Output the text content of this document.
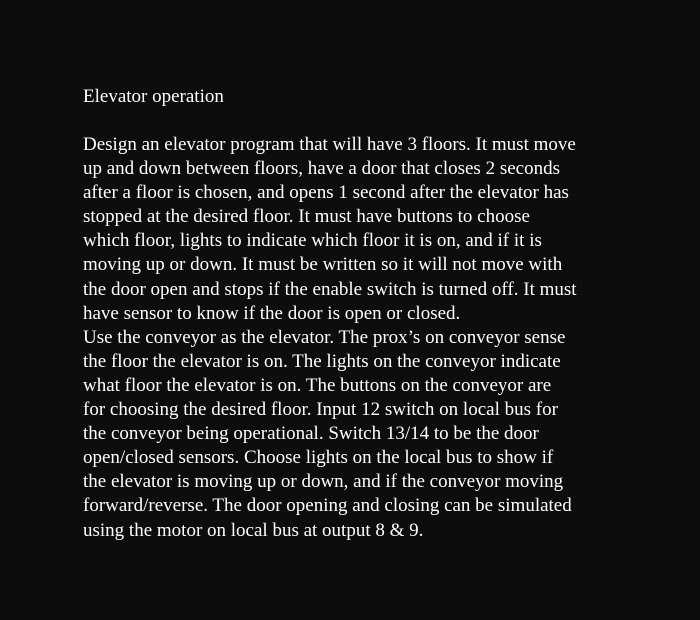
Elevator operation
Design an elevator program that will have 3 floors. It must move
up and down between floors, have a door that closes 2 seconds
after a floor is chosen, and opens 1 second after the elevator has
stopped at the desired floor. It must have buttons to choose
which floor, lights to indicate which floor it is on, and if it is
moving up or down. It must be written so it will not move with
the door open and stops if the enable switch is turned off. It must
have sensor to know if the door is open or closed.
Use the conveyor as the elevator. The prox’s on conveyor sense
the floor the elevator is on. The lights on the conveyor indicate
what floor the elevator is on. The buttons on the conveyor are
for choosing the desired floor. Input 12 switch on local bus for
the conveyor being operational. Switch 13/14 to be the door
open/closed sensors. Choose lights on the local bus to show if
the elevator is moving up or down, and if the conveyor moving
forward/reverse. The door opening and closing can be simulated
using the motor on local bus at output 8 & 9.
